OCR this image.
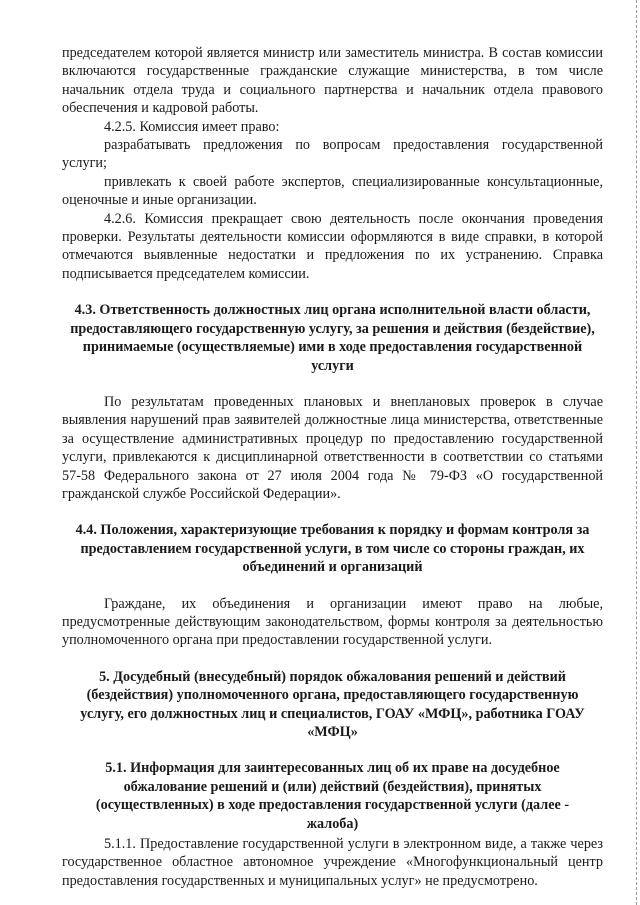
председателем которой является министр или заместитель министра. В состав комиссии включаются государственные гражданские служащие министерства, в том числе начальник отдела труда и социального партнерства и начальник отдела правового обеспечения и кадровой работы.

4.2.5. Комиссия имеет право:

разрабатывать предложения по вопросам предоставления государственной услуги;

привлекать к своей работе экспертов, специализированные консультационные, оценочные и иные организации.

4.2.6. Комиссия прекращает свою деятельность после окончания проведения проверки. Результаты деятельности комиссии оформляются в виде справки, в которой отмечаются выявленные недостатки и предложения по их устранению. Справка подписывается председателем комиссии.

4.3. Ответственность должностных лиц органа исполнительной власти области, предоставляющего государственную услугу, за решения и действия (бездействие), принимаемые (осуществляемые) ими в ходе предоставления государственной услуги

По результатам проведенных плановых и внеплановых проверок в случае выявления нарушений прав заявителей должностные лица министерства, ответственные за осуществление административных процедур по предоставлению государственной услуги, привлекаются к дисциплинарной ответственности в соответствии со статьями 57-58 Федерального закона от 27 июля 2004 года № 79-ФЗ «О государственной гражданской службе Российской Федерации».

4.4. Положения, характеризующие требования к порядку и формам контроля за предоставлением государственной услуги, в том числе со стороны граждан, их объединений и организаций

Граждане, их объединения и организации имеют право на любые, предусмотренные действующим законодательством, формы контроля за деятельностью уполномоченного органа при предоставлении государственной услуги.

5. Досудебный (внесудебный) порядок обжалования решений и действий (бездействия) уполномоченного органа, предоставляющего государственную услугу, его должностных лиц и специалистов, ГОАУ «МФЦ», работника ГОАУ «МФЦ»

5.1. Информация для заинтересованных лиц об их праве на досудебное обжалование решений и (или) действий (бездействия), принятых (осуществленных) в ходе предоставления государственной услуги (далее - жалоба)

5.1.1. Предоставление государственной услуги в электронном виде, а также через государственное областное автономное учреждение «Многофункциональный центр предоставления государственных и муниципальных услуг» не предусмотрено.
